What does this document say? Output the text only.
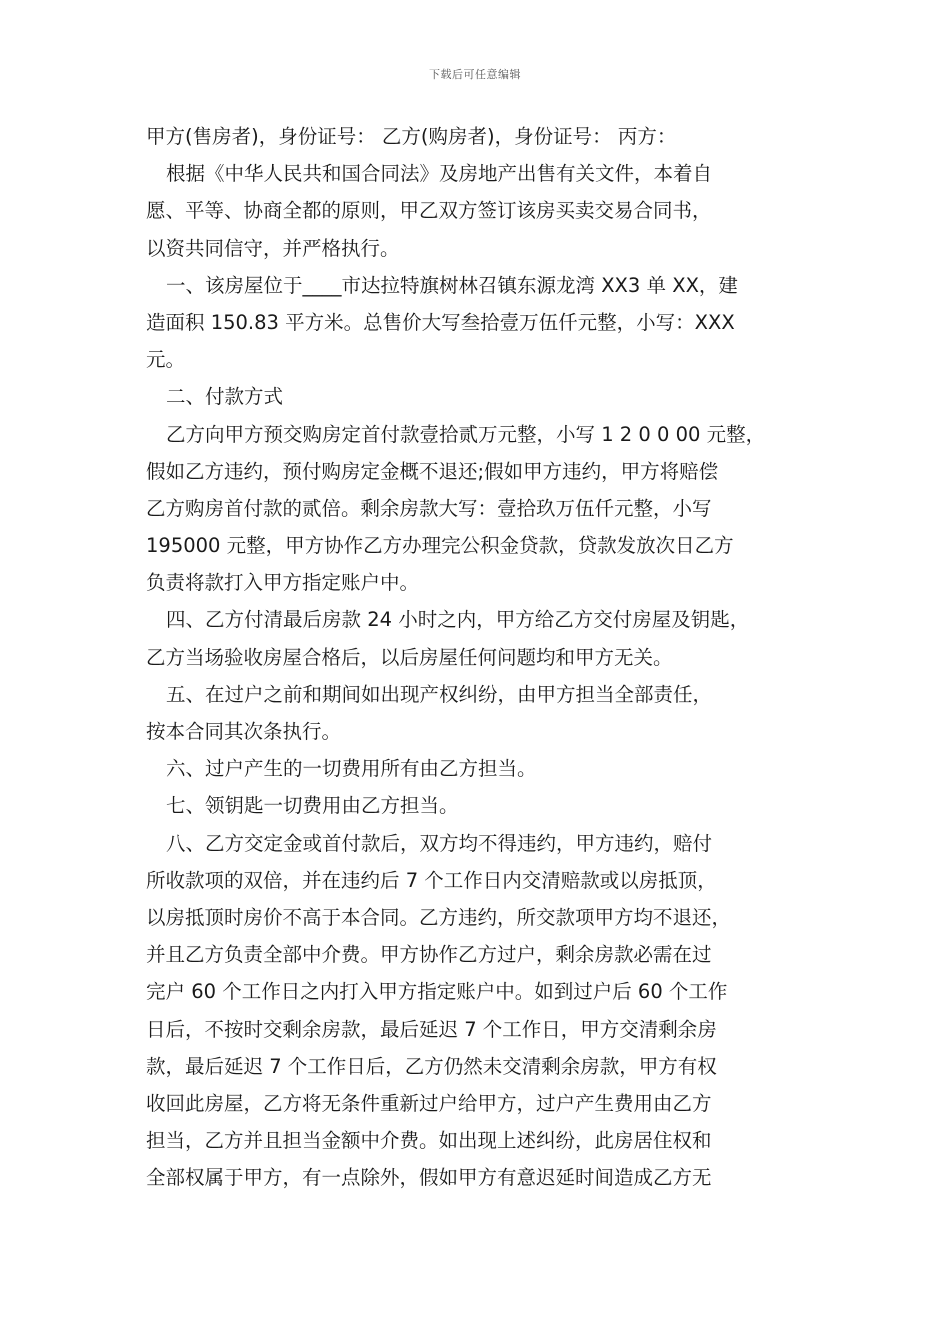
下载后可任意编辑
甲方(售房者)，身份证号： 乙方(购房者)，身份证号： 丙方：
根据《中华人民共和国合同法》及房地产出售有关文件，本着自
愿、平等、协商全都的原则，甲乙双方签订该房买卖交易合同书，
以资共同信守，并严格执行。
一、该房屋位于____市达拉特旗树林召镇东源龙湾 XX3 单 XX，建
造面积 150.83 平方米。总售价大写叁拾壹万伍仟元整，小写：XXX
元。
二、付款方式
乙方向甲方预交购房定首付款壹拾贰万元整，小写 1 2 0 0 00 元整，
假如乙方违约，预付购房定金概不退还;假如甲方违约，甲方将赔偿
乙方购房首付款的贰倍。剩余房款大写：壹拾玖万伍仟元整，小写
195000 元整，甲方协作乙方办理完公积金贷款，贷款发放次日乙方
负责将款打入甲方指定账户中。
四、乙方付清最后房款 24 小时之内，甲方给乙方交付房屋及钥匙，
乙方当场验收房屋合格后，以后房屋任何问题均和甲方无关。
五、在过户之前和期间如出现产权纠纷，由甲方担当全部责任，
按本合同其次条执行。
六、过户产生的一切费用所有由乙方担当。
七、领钥匙一切费用由乙方担当。
八、乙方交定金或首付款后，双方均不得违约，甲方违约，赔付
所收款项的双倍，并在违约后 7 个工作日内交清赔款或以房抵顶，
以房抵顶时房价不高于本合同。乙方违约，所交款项甲方均不退还，
并且乙方负责全部中介费。甲方协作乙方过户，剩余房款必需在过
完户 60 个工作日之内打入甲方指定账户中。如到过户后 60 个工作
日后，不按时交剩余房款，最后延迟 7 个工作日，甲方交清剩余房
款，最后延迟 7 个工作日后，乙方仍然未交清剩余房款，甲方有权
收回此房屋，乙方将无条件重新过户给甲方，过户产生费用由乙方
担当，乙方并且担当金额中介费。如出现上述纠纷，此房居住权和
全部权属于甲方，有一点除外，假如甲方有意迟延时间造成乙方无
